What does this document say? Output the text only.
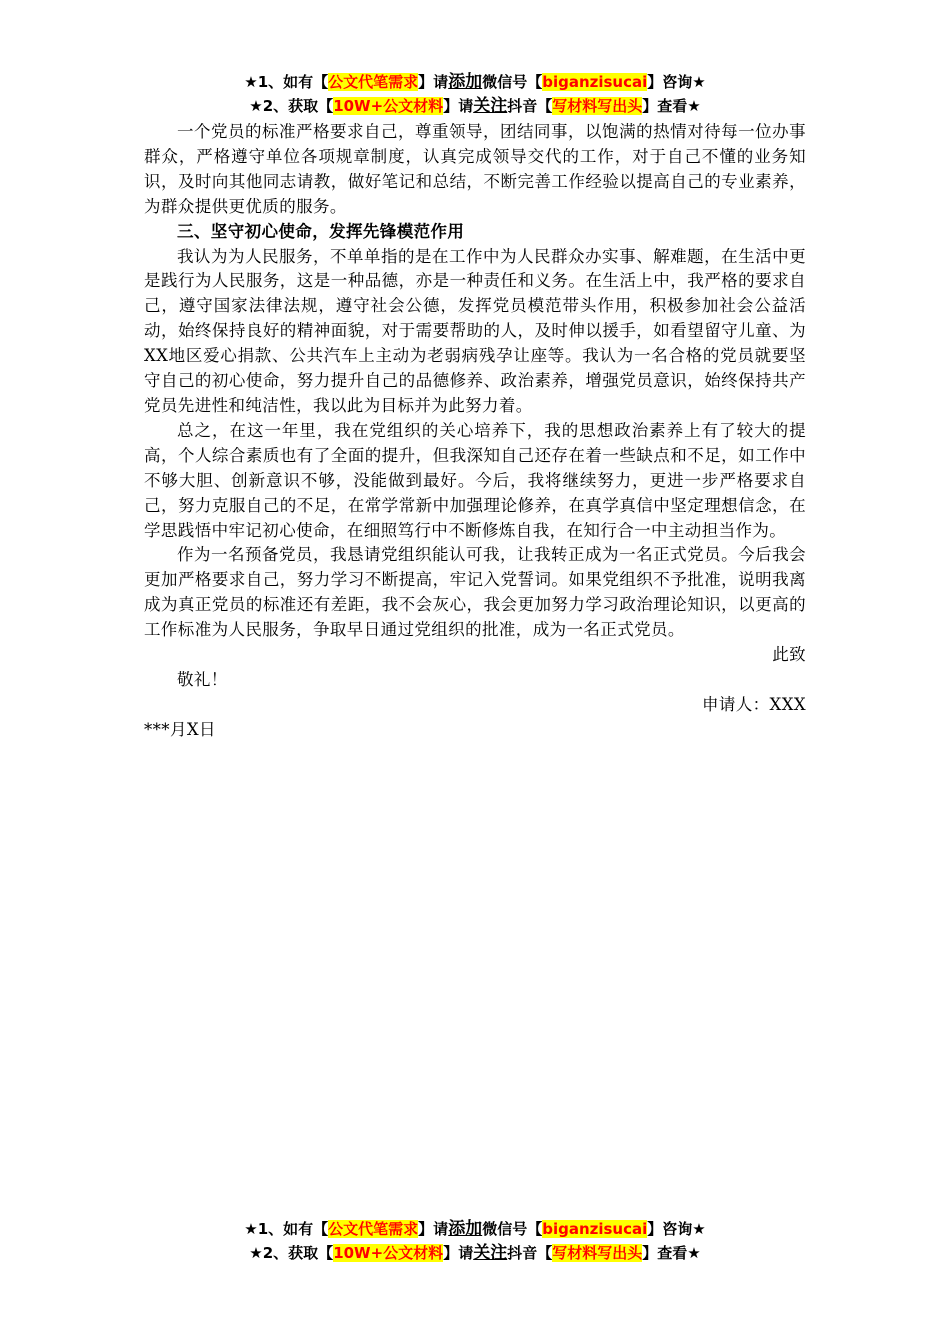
★1、如有【公文代笔需求】请添加微信号【biganzisucai】咨询★
★2、获取【10W+公文材料】请关注抖音【写材料写出头】查看★

一个党员的标准严格要求自己，尊重领导，团结同事，以饱满的热情对待每一位办事群众，严格遵守单位各项规章制度，认真完成领导交代的工作，对于自己不懂的业务知识，及时向其他同志请教，做好笔记和总结，不断完善工作经验以提高自己的专业素养，为群众提供更优质的服务。

三、坚守初心使命，发挥先锋模范作用

我认为为人民服务，不单单指的是在工作中为人民群众办实事、解难题，在生活中更是践行为人民服务，这是一种品德，亦是一种责任和义务。在生活上中，我严格的要求自己，遵守国家法律法规，遵守社会公德，发挥党员模范带头作用，积极参加社会公益活动，始终保持良好的精神面貌，对于需要帮助的人，及时伸以援手，如看望留守儿童、为XX地区爱心捐款、公共汽车上主动为老弱病残孕让座等。我认为一名合格的党员就要坚守自己的初心使命，努力提升自己的品德修养、政治素养，增强党员意识，始终保持共产党员先进性和纯洁性，我以此为目标并为此努力着。

总之，在这一年里，我在党组织的关心培养下，我的思想政治素养上有了较大的提高，个人综合素质也有了全面的提升，但我深知自己还存在着一些缺点和不足，如工作中不够大胆、创新意识不够，没能做到最好。今后，我将继续努力，更进一步严格要求自己，努力克服自己的不足，在常学常新中加强理论修养，在真学真信中坚定理想信念，在学思践悟中牢记初心使命，在细照笃行中不断修炼自我，在知行合一中主动担当作为。

作为一名预备党员，我恳请党组织能认可我，让我转正成为一名正式党员。今后我会更加严格要求自己，努力学习不断提高，牢记入党誓词。如果党组织不予批准，说明我离成为真正党员的标准还有差距，我不会灰心，我会更加努力学习政治理论知识，以更高的工作标准为人民服务，争取早日通过党组织的批准，成为一名正式党员。

此致

敬礼！

申请人：XXX

***月X日

★1、如有【公文代笔需求】请添加微信号【biganzisucai】咨询★
★2、获取【10W+公文材料】请关注抖音【写材料写出头】查看★
